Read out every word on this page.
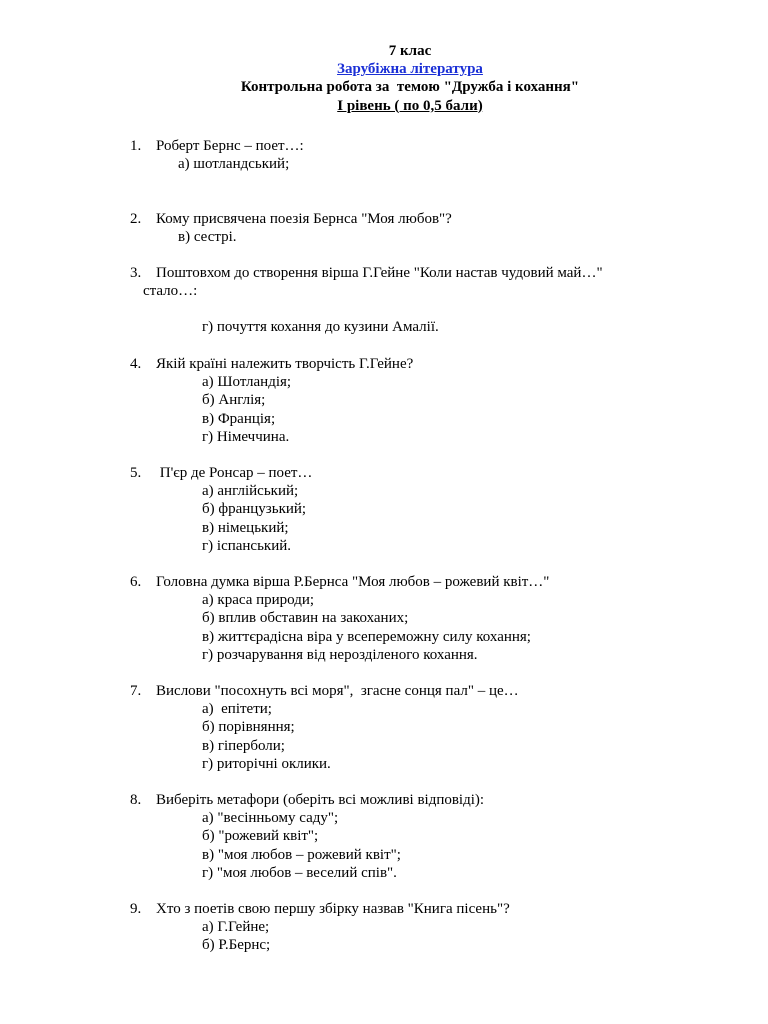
7 клас
Зарубіжна література
Контрольна робота за  темою "Дружба і кохання"
І рівень ( по 0,5 бали)
1. Роберт Бернс – поет…:
а) шотландський;
2. Кому присвячена поезія Бернса "Моя любов"?
в) сестрі.
3. Поштовхом до створення вірша Г.Гейне "Коли настав чудовий май…"
стало…:
г) почуття кохання до кузини Амалії.
4. Якій країні належить творчість Г.Гейне?
а) Шотландія;
б) Англія;
в) Франція;
г) Німеччина.
5. П'єр де Ронсар – поет…
а) англійський;
б) французький;
в) німецький;
г) іспанський.
6. Головна думка вірша Р.Бернса "Моя любов – рожевий квіт…"
а) краса природи;
б) вплив обставин на закоханих;
в) життєрадісна віра у всепереможну силу кохання;
г) розчарування від нерозділеного кохання.
7. Вислови "посохнуть всі моря",  згасне сонця пал" – це…
а)  епітети;
б) порівняння;
в) гіперболи;
г) риторічні оклики.
8. Виберіть метафори (оберіть всі можливі відповіді):
а) "весінньому саду";
б) "рожевий квіт";
в) "моя любов – рожевий квіт";
г) "моя любов – веселий спів".
9. Хто з поетів свою першу збірку назвав "Книга пісень"?
а) Г.Гейне;
б) Р.Бернс;
